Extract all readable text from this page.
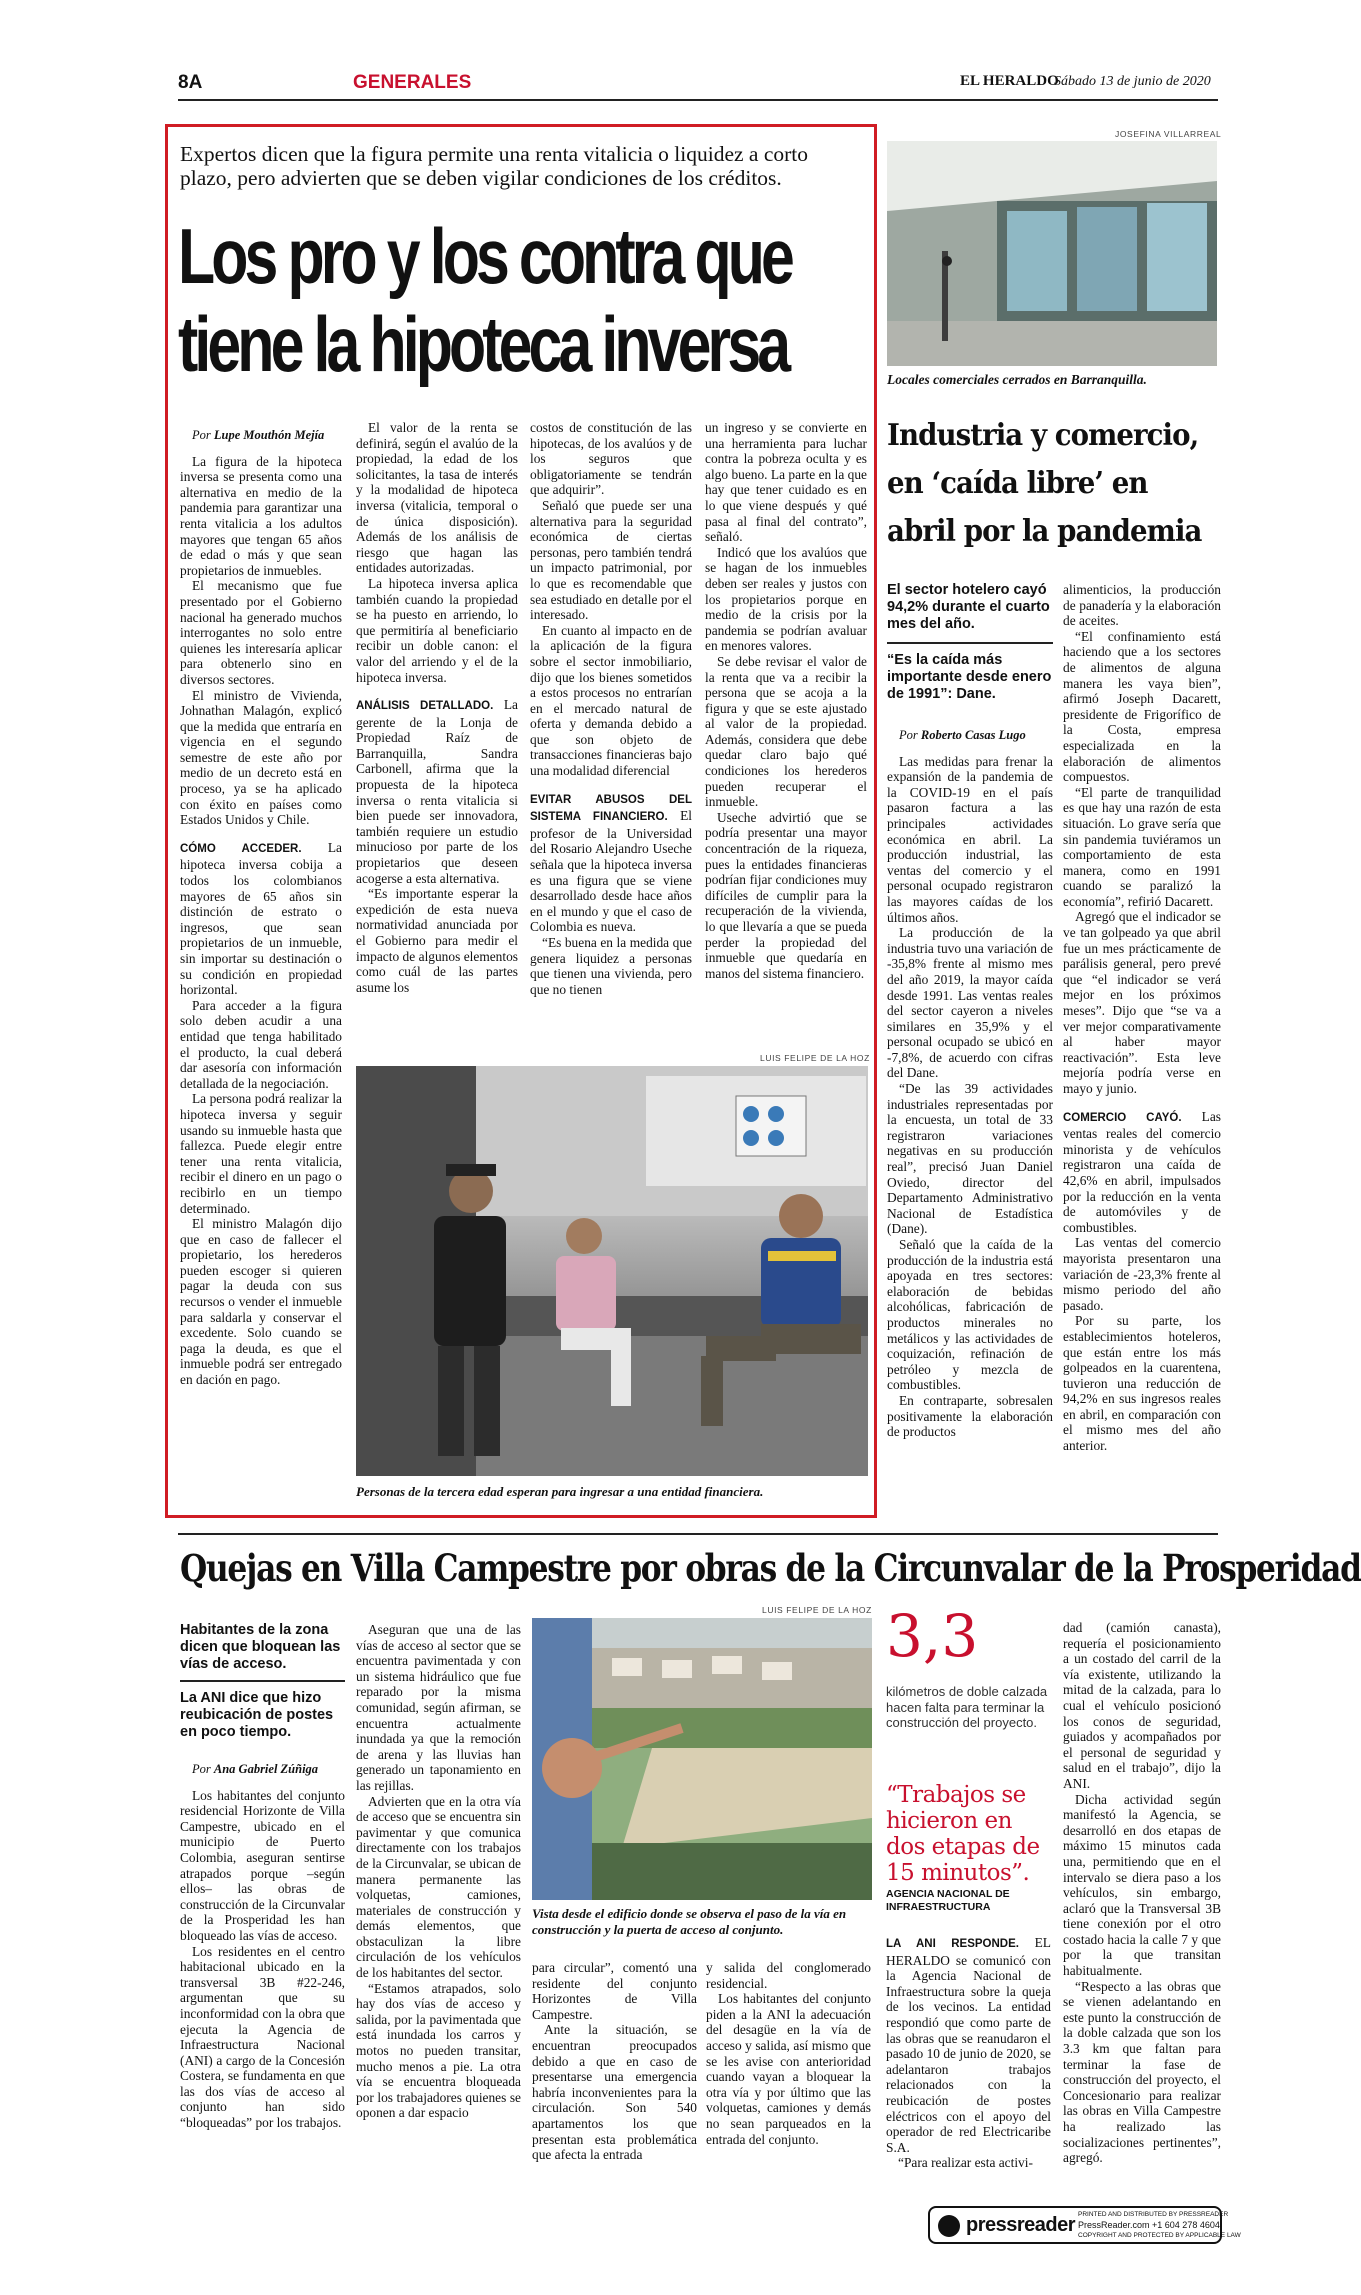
8A	GENERALES	EL HERALDO
Sábado 13 de junio de 2020
Expertos dicen que la figura permite una renta vitalicia o liquidez a corto plazo, pero advierten que se deben vigilar condiciones de los créditos.
Los pro y los contra que
tiene la hipoteca inversa
Por Lupe Mouthón Mejía

La figura de la hipoteca inversa se presenta como una alternativa en medio de la pandemia para garantizar una renta vitalicia a los adultos mayores que tengan 65 años de edad o más y que sean propietarios de inmuebles.

El mecanismo que fue presentado por el Gobierno nacional ha generado muchos interrogantes no solo entre quienes les interesaría aplicar para obtenerlo sino en diversos sectores.

El ministro de Vivienda, Johnathan Malagón, explicó que la medida que entraría en vigencia en el segundo semestre de este año por medio de un decreto está en proceso, ya se ha aplicado con éxito en países como Estados Unidos y Chile.

CÓMO ACCEDER. La hipoteca inversa cobija a todos los colombianos mayores de 65 años sin distinción de estrato o ingresos, que sean propietarios de un inmueble, sin importar su destinación o su condición en propiedad horizontal.

Para acceder a la figura solo deben acudir a una entidad que tenga habilitado el producto, la cual deberá dar asesoría con información detallada de la negociación.

La persona podrá realizar la hipoteca inversa y seguir usando su inmueble hasta que fallezca. Puede elegir entre tener una renta vitalicia, recibir el dinero en un pago o recibirlo en un tiempo determinado.

El ministro Malagón dijo que en caso de fallecer el propietario, los herederos pueden escoger si quieren pagar la deuda con sus recursos o vender el inmueble para saldarla y conservar el excedente. Solo cuando se paga la deuda, es que el inmueble podrá ser entregado en dación en pago.

El valor de la renta se definirá, según el avalúo de la propiedad, la edad de los solicitantes, la tasa de interés y la modalidad de hipoteca inversa (vitalicia, temporal o de única disposición). Además de los análisis de riesgo que hagan las entidades autorizadas.

La hipoteca inversa aplica también cuando la propiedad se ha puesto en arriendo, lo que permitiría al beneficiario recibir un doble canon: el valor del arriendo y el de la hipoteca inversa.

ANÁLISIS DETALLADO. La gerente de la Lonja de Propiedad Raíz de Barranquilla, Sandra Carbonell, afirma que la propuesta de la hipoteca inversa o renta vitalicia si bien puede ser innovadora, también requiere un estudio minucioso por parte de los propietarios que deseen acogerse a esta alternativa.

“Es importante esperar la expedición de esta nueva normatividad anunciada por el Gobierno para medir el impacto de algunos elementos como cuál de las partes asume los

costos de constitución de las hipotecas, de los avalúos y de los seguros que obligatoriamente se tendrán que adquirir”.

Señaló que puede ser una alternativa para la seguridad económica de ciertas personas, pero también tendrá un impacto patrimonial, por lo que es recomendable que sea estudiado en detalle por el interesado.

En cuanto al impacto en de la aplicación de la figura sobre el sector inmobiliario, dijo que los bienes sometidos a estos procesos no entrarían en el mercado natural de oferta y demanda debido a que son objeto de transacciones financieras bajo una modalidad diferencial

EVITAR ABUSOS DEL SISTEMA FINANCIERO. El profesor de la Universidad del Rosario Alejandro Useche señala que la hipoteca inversa es una figura que se viene desarrollado desde hace años en el mundo y que el caso de Colombia es nueva.

“Es buena en la medida que genera liquidez a personas que tienen una vivienda, pero que no tienen

un ingreso y se convierte en una herramienta para luchar contra la pobreza oculta y es algo bueno. La parte en la que hay que tener cuidado es en lo que viene después y qué pasa al final del contrato”, señaló.

Indicó que los avalúos que se hagan de los inmuebles deben ser reales y justos con los propietarios porque en medio de la crisis por la pandemia se podrían avaluar en menores valores.

Se debe revisar el valor de la renta que va a recibir la persona que se acoja a la figura y que se este ajustado al valor de la propiedad. Además, considera que debe quedar claro bajo qué condiciones los herederos pueden recuperar el inmueble.

Useche advirtió que se podría presentar una mayor concentración de la riqueza, pues la entidades financieras podrían fijar condiciones muy difíciles de cumplir para la recuperación de la vivienda, lo que llevaría a que se pueda perder la propiedad del inmueble que quedaría en manos del sistema financiero.

LUIS FELIPE DE LA HOZ
Personas de la tercera edad esperan para ingresar a una entidad financiera.
JOSEFINA VILLARREAL
Locales comerciales cerrados en Barranquilla.
Industria y comercio,
en ‘caída libre’ en
abril por la pandemia
El sector hotelero cayó 94,2% durante el cuarto mes del año.
“Es la caída más importante desde enero de 1991”: Dane.
Por Roberto Casas Lugo

Las medidas para frenar la expansión de la pandemia de la COVID-19 en el país pasaron factura a las principales actividades económica en abril. La producción industrial, las ventas del comercio y el personal ocupado registraron las mayores caídas de los últimos años.

La producción de la industria tuvo una variación de -35,8% frente al mismo mes del año 2019, la mayor caída desde 1991. Las ventas reales del sector cayeron a niveles similares en 35,9% y el personal ocupado se ubicó en -7,8%, de acuerdo con cifras del Dane.

“De las 39 actividades industriales representadas por la encuesta, un total de 33 registraron variaciones negativas en su producción real”, precisó Juan Daniel Oviedo, director del Departamento Administrativo Nacional de Estadística (Dane).

Señaló que la caída de la producción de la industria está apoyada en tres sectores: elaboración de bebidas alcohólicas, fabricación de productos minerales no metálicos y las actividades de coquización, refinación de petróleo y mezcla de combustibles.

En contraparte, sobresalen positivamente la elaboración de productos

alimenticios, la producción de panadería y la elaboración de aceites.

“El confinamiento está haciendo que a los sectores de alimentos de alguna manera les vaya bien”, afirmó Joseph Dacarett, presidente de Frigorífico de la Costa, empresa especializada en la elaboración de alimentos compuestos.

“El parte de tranquilidad es que hay una razón de esta situación. Lo grave sería que sin pandemia tuviéramos un comportamiento de esta manera, como en 1991 cuando se paralizó la economía”, refirió Dacarett.

Agregó que el indicador se ve tan golpeado ya que abril fue un mes prácticamente de parálisis general, pero prevé que “el indicador se verá mejor en los próximos meses”. Dijo que “se va a ver mejor comparativamente al haber mayor reactivación”. Esta leve mejoría podría verse en mayo y junio.

COMERCIO CAYÓ. Las ventas reales del comercio minorista y de vehículos registraron una caída de 42,6% en abril, impulsados por la reducción en la venta de automóviles y de combustibles.

Las ventas del comercio mayorista presentaron una variación de -23,3% frente al mismo periodo del año pasado.

Por su parte, los establecimientos hoteleros, que están entre los más golpeados en la cuarentena, tuvieron una reducción de 94,2% en sus ingresos reales en abril, en comparación con el mismo mes del año anterior.

Quejas en Villa Campestre por obras de la Circunvalar de la Prosperidad
Habitantes de la zona dicen que bloquean las vías de acceso.
La ANI dice que hizo reubicación de postes en poco tiempo.
Por Ana Gabriel Zúñiga

Los habitantes del conjunto residencial Horizonte de Villa Campestre, ubicado en el municipio de Puerto Colombia, aseguran sentirse atrapados porque –según ellos– las obras de construcción de la Circunvalar de la Prosperidad les han bloqueado las vías de acceso.

Los residentes en el centro habitacional ubicado en la transversal 3B #22-246, argumentan que su inconformidad con la obra que ejecuta la Agencia de Infraestructura Nacional (ANI) a cargo de la Concesión Costera, se fundamenta en que las dos vías de acceso al conjunto han sido “bloqueadas” por los trabajos.

Aseguran que una de las vías de acceso al sector que se encuentra pavimentada y con un sistema hidráulico que fue reparado por la misma comunidad, según afirman, se encuentra actualmente inundada ya que la remoción de arena y las lluvias han generado un taponamiento en las rejillas.

Advierten que en la otra vía de acceso que se encuentra sin pavimentar y que comunica directamente con los trabajos de la Circunvalar, se ubican de manera permanente las volquetas, camiones, materiales de construcción y demás elementos, que obstaculizan la libre circulación de los vehículos de los habitantes del sector.

“Estamos atrapados, solo hay dos vías de acceso y salida, por la pavimentada que está inundada los carros y motos no pueden transitar, mucho menos a pie. La otra vía se encuentra bloqueada por los trabajadores quienes se oponen a dar espacio

LUIS FELIPE DE LA HOZ
Vista desde el edificio donde se observa el paso de la vía en construcción y la puerta de acceso al conjunto.

para circular”, comentó una residente del conjunto Horizontes de Villa Campestre.

Ante la situación, se encuentran preocupados debido a que en caso de presentarse una emergencia habría inconvenientes para la circulación. Son 540 apartamentos los que presentan esta problemática que afecta la entrada

y salida del conglomerado residencial.

Los habitantes del conjunto piden a la ANI la adecuación del desagüe en la vía de acceso y salida, así mismo que se les avise con anterioridad cuando vayan a bloquear la otra vía y por último que las volquetas, camiones y demás no sean parqueados en la entrada del conjunto.

3,3
kilómetros de doble calzada hacen falta para terminar la construcción del proyecto.
“Trabajos se hicieron en dos etapas de 15 minutos”.
AGENCIA NACIONAL DE INFRAESTRUCTURA

LA ANI RESPONDE. EL HERALDO se comunicó con la Agencia Nacional de Infraestructura sobre la queja de los vecinos. La entidad respondió que como parte de las obras que se reanudaron el pasado 10 de junio de 2020, se adelantaron trabajos relacionados con la reubicación de postes eléctricos con el apoyo del operador de red Electricaribe S.A.

“Para realizar esta activi-

dad (camión canasta), requería el posicionamiento a un costado del carril de la vía existente, utilizando la mitad de la calzada, para lo cual el vehículo posicionó los conos de seguridad, guiados y acompañados por el personal de seguridad y salud en el trabajo”, dijo la ANI.

Dicha actividad según manifestó la Agencia, se desarrolló en dos etapas de máximo 15 minutos cada una, permitiendo que en el intervalo se diera paso a los vehículos, sin embargo, aclaró que la Transversal 3B tiene conexión por el otro costado hacia la calle 7 y que por la que transitan habitualmente.

“Respecto a las obras que se vienen adelantando en este punto la construcción de la doble calzada que son los 3.3 km que faltan para terminar la fase de construcción del proyecto, el Concesionario para realizar las obras en Villa Campestre ha realizado las socializaciones pertinentes”, agregó.

pressreader PRINTED AND DISTRIBUTED BY PRESSREADER
PressReader.com +1 604 278 4604
COPYRIGHT AND PROTECTED BY APPLICABLE LAW
